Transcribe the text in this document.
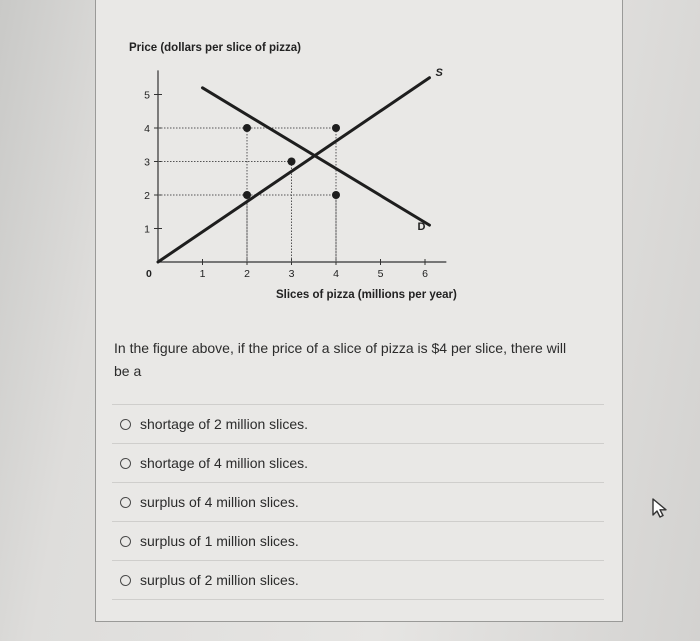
Price (dollars per slice of pizza)
Slices of pizza (millions per year)
0	1	2	3	4	5	6
1
2
3
4
5
S
D
In the figure above, if the price of a slice of pizza is $4 per slice, there will be a
shortage of 2 million slices.
shortage of 4 million slices.
surplus of 4 million slices.
surplus of 1 million slices.
surplus of 2 million slices.
